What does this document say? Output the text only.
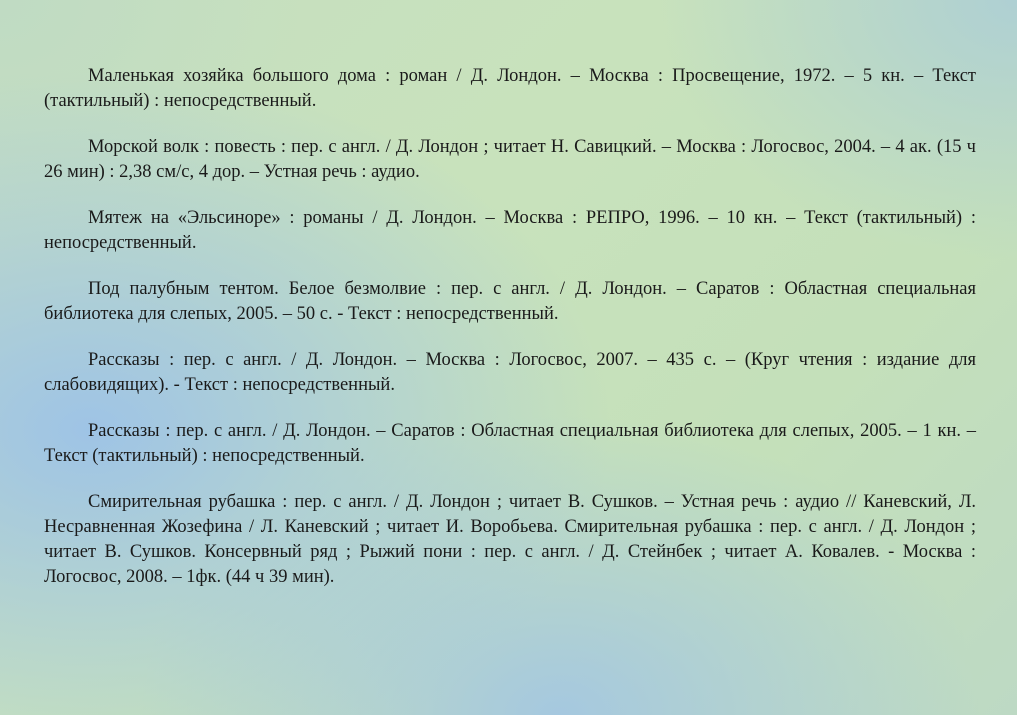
Маленькая хозяйка большого дома : роман / Д. Лондон. – Москва : Просвещение, 1972. – 5 кн. – Текст (тактильный) : непосредственный.

Морской волк : повесть : пер. с англ. / Д. Лондон ; читает Н. Савицкий. – Москва : Логосвос, 2004. – 4 ак. (15 ч 26 мин) : 2,38 см/с, 4 дор. – Устная речь : аудио.

Мятеж на «Эльсиноре» : романы / Д. Лондон. – Москва : РЕПРО, 1996. – 10 кн. – Текст (тактильный) : непосредственный.

Под палубным тентом. Белое безмолвие : пер. с англ. / Д. Лондон. – Саратов : Областная специальная библиотека для слепых, 2005. – 50 с. - Текст : непосредственный.

Рассказы : пер. с англ. / Д. Лондон. – Москва : Логосвос, 2007. – 435 с. – (Круг чтения : издание для слабовидящих). - Текст : непосредственный.

Рассказы : пер. с англ. / Д. Лондон. – Саратов : Областная специальная библиотека для слепых, 2005. – 1 кн. – Текст (тактильный) : непосредственный.

Смирительная рубашка : пер. с англ. / Д. Лондон ; читает В. Сушков. – Устная речь : аудио // Каневский, Л. Несравненная Жозефина / Л. Каневский ; читает И. Воробьева. Смирительная рубашка : пер. с англ. / Д. Лондон ; читает В. Сушков. Консервный ряд ; Рыжий пони : пер. с англ. / Д. Стейнбек ; читает А. Ковалев. - Москва : Логосвос, 2008. – 1фк. (44 ч 39 мин).
